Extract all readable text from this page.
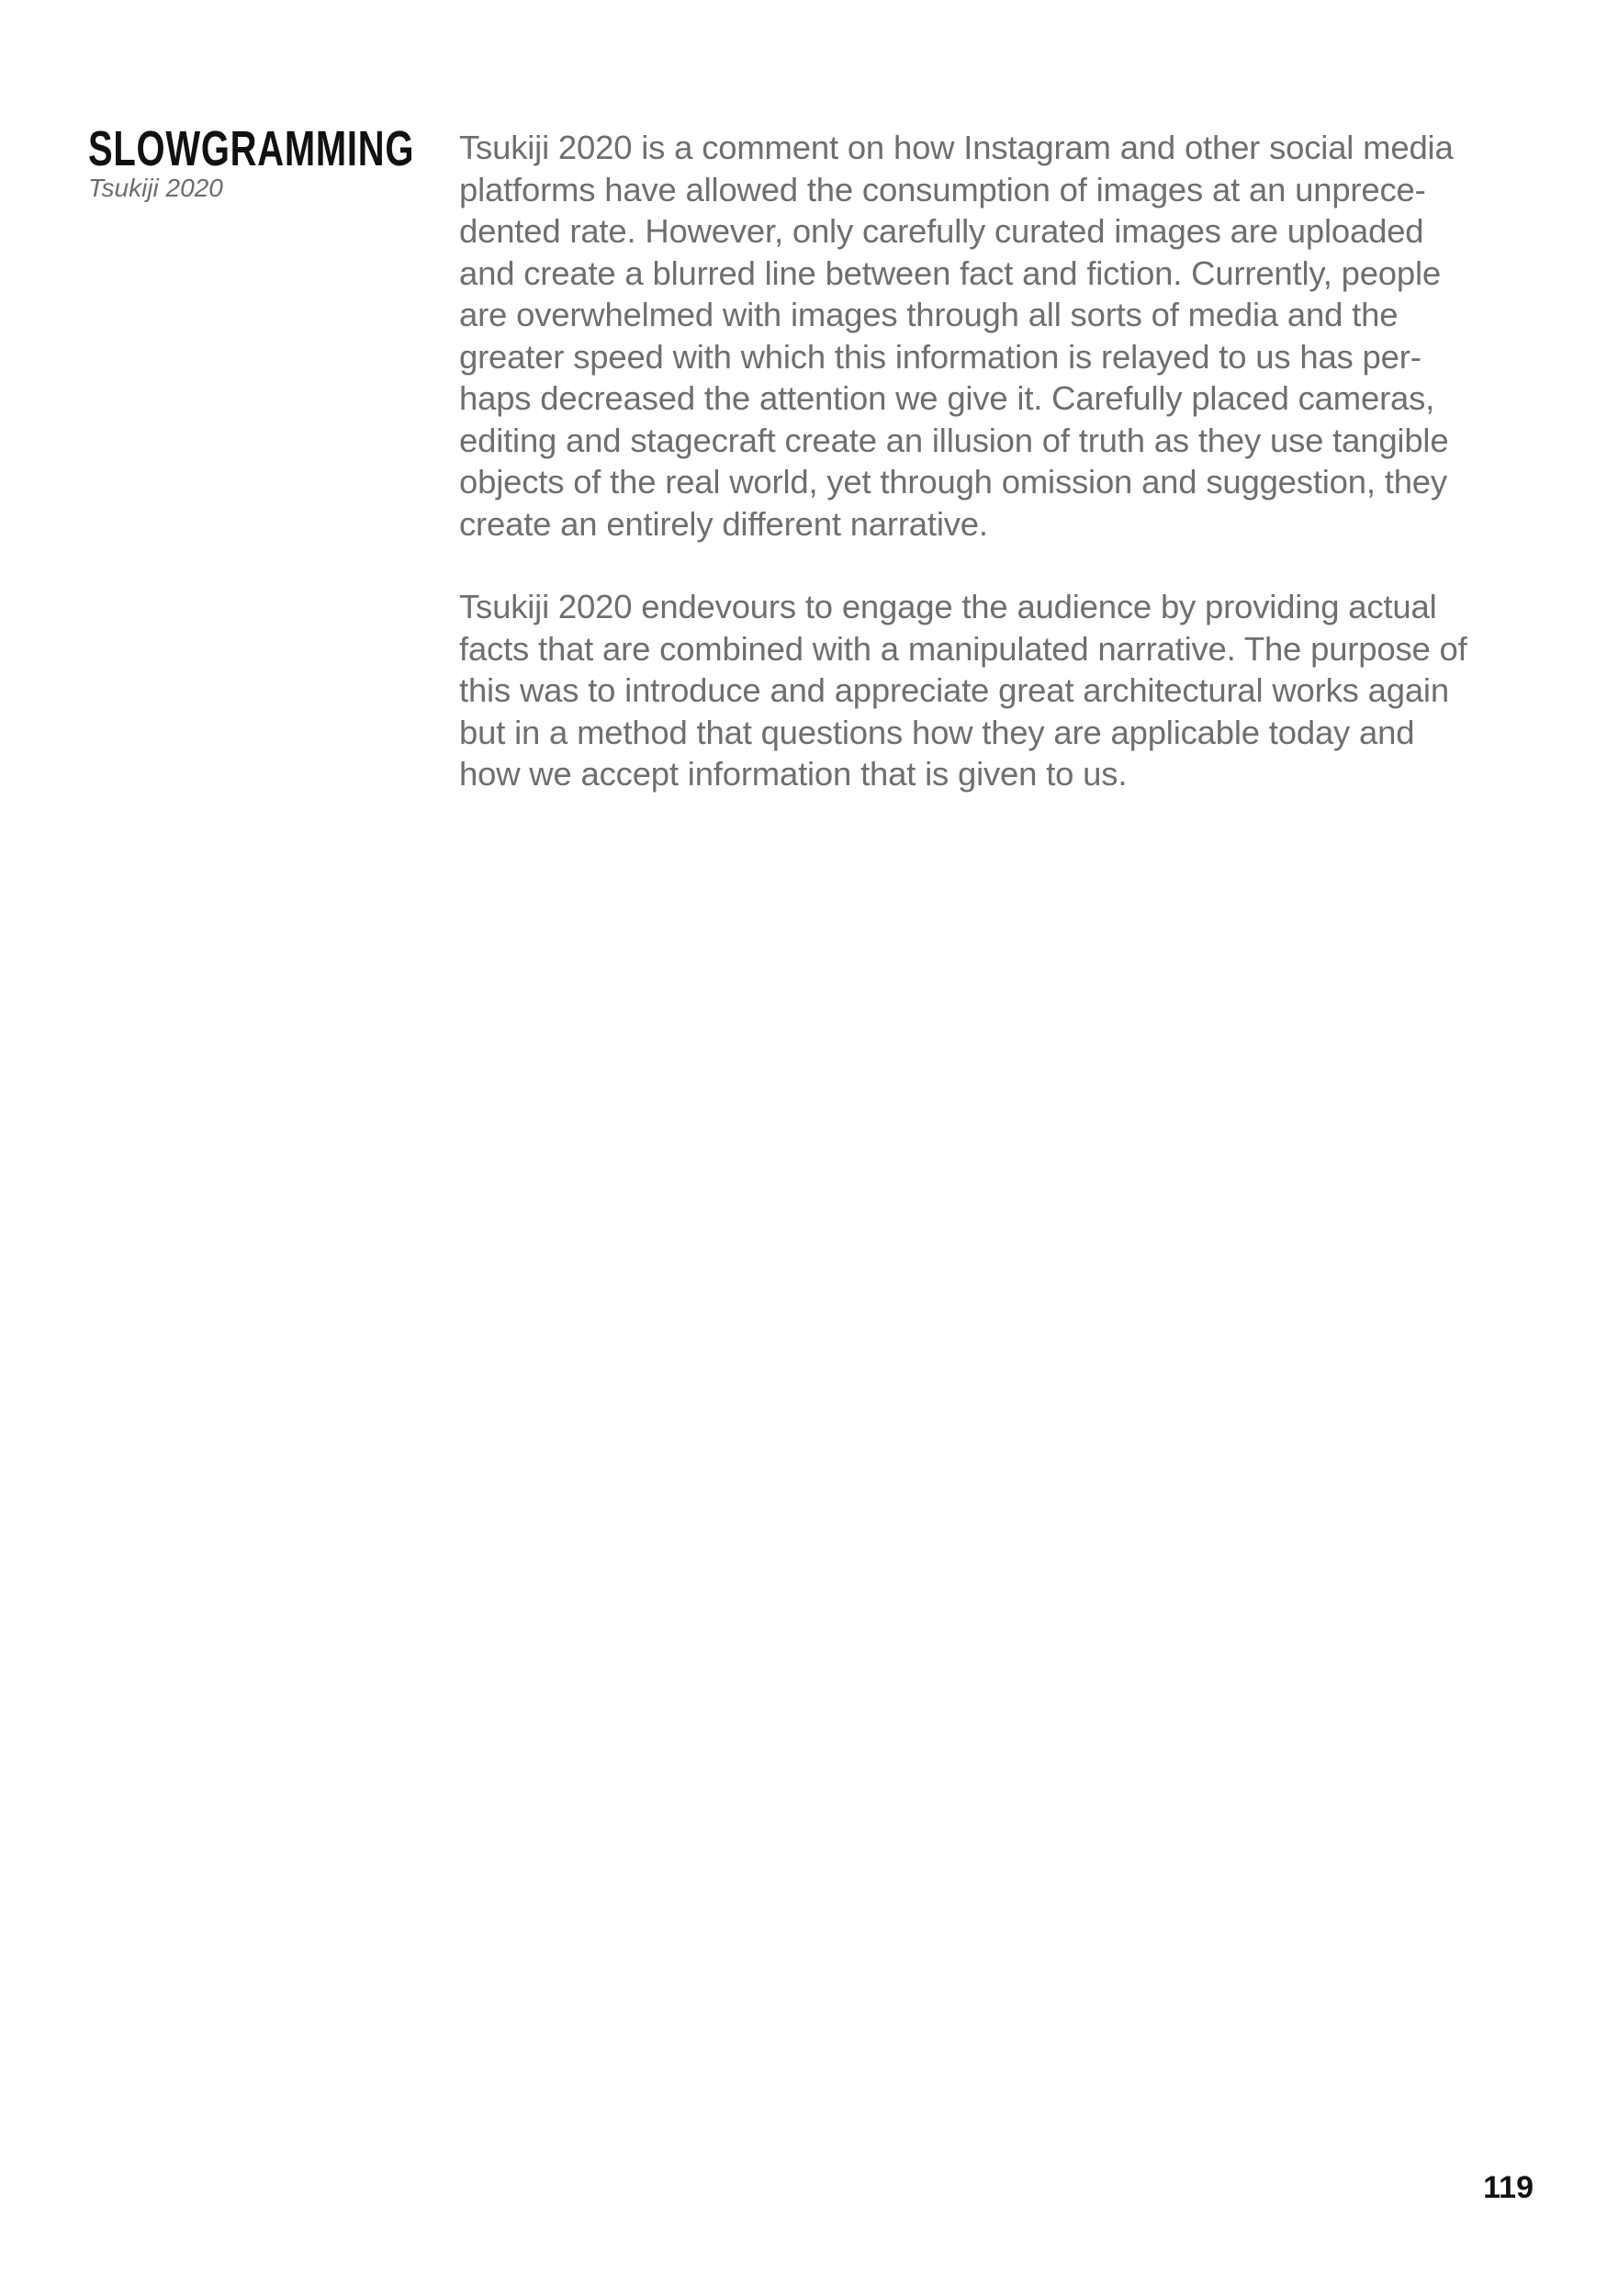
SLOWGRAMMING
Tsukiji 2020

Tsukiji 2020 is a comment on how Instagram and other social media
platforms have allowed the consumption of images at an unprece-
dented rate. However, only carefully curated images are uploaded
and create a blurred line between fact and fiction. Currently, people
are overwhelmed with images through all sorts of media and the
greater speed with which this information is relayed to us has per-
haps decreased the attention we give it. Carefully placed cameras,
editing and stagecraft create an illusion of truth as they use tangible
objects of the real world, yet through omission and suggestion, they
create an entirely different narrative.

Tsukiji 2020 endevours to engage the audience by providing actual
facts that are combined with a manipulated narrative. The purpose of
this was to introduce and appreciate great architectural works again
but in a method that questions how they are applicable today and
how we accept information that is given to us.

119
